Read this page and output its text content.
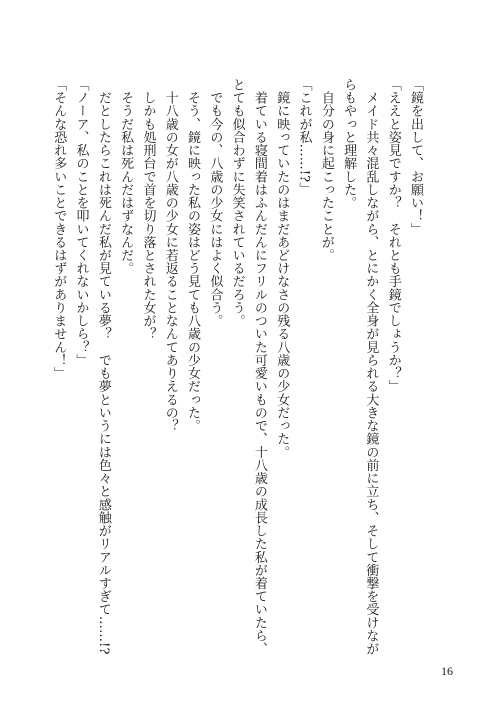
「鏡を出して、お願い！」
「ええと姿見ですか？　それとも手鏡でしょうか？」
　メイド共々混乱しながら、とにかく全身が見られる大きな鏡の前に立ち、そして衝撃を受けなが
らもやっと理解した。
　自分の身に起こったことが。
「これが私……!?」
　鏡に映っていたのはまだあどけなさの残る八歳の少女だった。
　着ている寝間着はふんだんにフリルのついた可愛いもので、十八歳の成長した私が着ていたら、
とても似合わずに失笑されているだろう。
　でも今の、八歳の少女にはよく似合う。
　そう、鏡に映った私の姿はどう見ても八歳の少女だった。
　十八歳の女が八歳の少女に若返ることなんてありえるの？
　しかも処刑台で首を切り落とされた女が？
　そうだ私は死んだはずなんだ。
　だとしたらこれは死んだ私が見ている夢？　でも夢というには色々と感触がリアルすぎて……!?
「ノーア、私のことを叩いてくれないかしら？」
「そんな恐れ多いことできるはずがありません！」
16
